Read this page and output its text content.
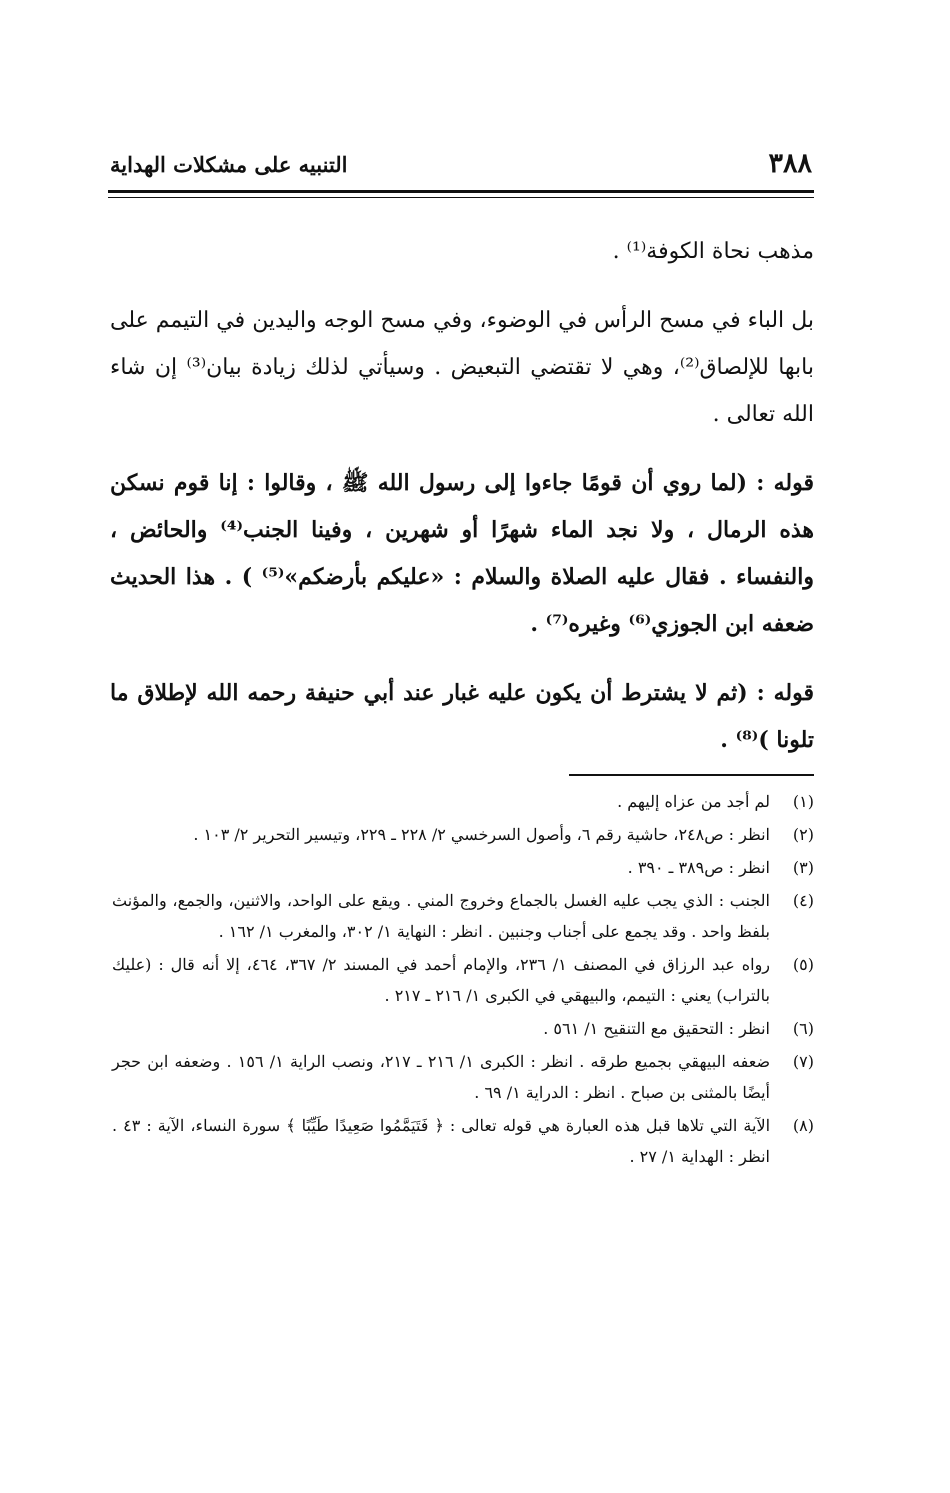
٣٨٨
التنبيه على مشكلات الهداية

مذهب نحاة الكوفة⁽¹⁾ .

بل الباء في مسح الرأس في الوضوء، وفي مسح الوجه واليدين في التيمم على بابها للإلصاق⁽²⁾، وهي لا تقتضي التبعيض . وسيأتي لذلك زيادة بيان⁽³⁾ إن شاء الله تعالى .

قوله : (لما روي أن قومًا جاءوا إلى رسول الله ﷺ ، وقالوا : إنا قوم نسكن هذه الرمال ، ولا نجد الماء شهرًا أو شهرين ، وفينا الجنب⁽⁴⁾ والحائض ، والنفساء . فقال عليه الصلاة والسلام : «عليكم بأرضكم»⁽⁵⁾ ) . هذا الحديث ضعفه ابن الجوزي⁽⁶⁾ وغيره⁽⁷⁾ .

قوله : (ثم لا يشترط أن يكون عليه غبار عند أبي حنيفة رحمه الله لإطلاق ما تلونا )⁽⁸⁾ .

(١)
لم أجد من عزاه إليهم .
(٢)
انظر : ص٢٤٨، حاشية رقم ٦، وأصول السرخسي ٢/ ٢٢٨ ـ ٢٢٩، وتيسير التحرير ٢/ ١٠٣ .
(٣)
انظر : ص٣٨٩ ـ ٣٩٠ .
(٤)
الجنب : الذي يجب عليه الغسل بالجماع وخروج المني . ويقع على الواحد، والاثنين، والجمع، والمؤنث بلفظ واحد . وقد يجمع على أجناب وجنبين . انظر : النهاية ١/ ٣٠٢، والمغرب ١/ ١٦٢ .
(٥)
رواه عبد الرزاق في المصنف ١/ ٢٣٦، والإمام أحمد في المسند ٢/ ٣٦٧، ٤٦٤، إلا أنه قال : (عليك بالتراب) يعني : التيمم، والبيهقي في الكبرى ١/ ٢١٦ ـ ٢١٧ .
(٦)
انظر : التحقيق مع التنقيح ١/ ٥٦١ .
(٧)
ضعفه البيهقي بجميع طرقه . انظر : الكبرى ١/ ٢١٦ ـ ٢١٧، ونصب الراية ١/ ١٥٦ . وضعفه ابن حجر أيضًا بالمثنى بن صباح . انظر : الدراية ١/ ٦٩ .
(٨)
الآية التي تلاها قبل هذه العبارة هي قوله تعالى : ﴿ فَتَيَمَّمُوا صَعِيدًا طَيِّبًا ﴾ سورة النساء، الآية : ٤٣ . انظر : الهداية ١/ ٢٧ .
